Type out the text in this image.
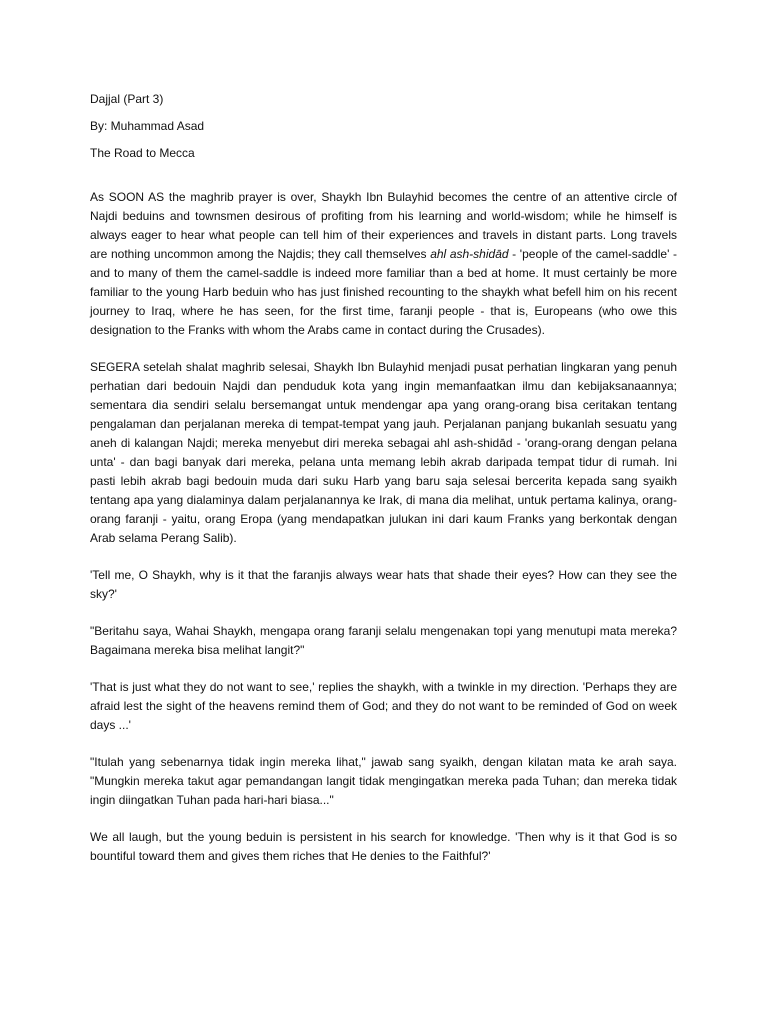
Dajjal (Part 3)
By: Muhammad Asad
The Road to Mecca

As SOON AS the maghrib prayer is over, Shaykh Ibn Bulayhid becomes the centre of an attentive circle of Najdi beduins and townsmen desirous of profiting from his learning and world-wisdom; while he himself is always eager to hear what people can tell him of their experiences and travels in distant parts. Long travels are nothing uncommon among the Najdis; they call themselves ahl ash-shidād - 'people of the camel-saddle' - and to many of them the camel-saddle is indeed more familiar than a bed at home. It must certainly be more familiar to the young Harb beduin who has just finished recounting to the shaykh what befell him on his recent journey to Iraq, where he has seen, for the first time, faranji people - that is, Europeans (who owe this designation to the Franks with whom the Arabs came in contact during the Crusades).

SEGERA setelah shalat maghrib selesai, Shaykh Ibn Bulayhid menjadi pusat perhatian lingkaran yang penuh perhatian dari bedouin Najdi dan penduduk kota yang ingin memanfaatkan ilmu dan kebijaksanaannya; sementara dia sendiri selalu bersemangat untuk mendengar apa yang orang-orang bisa ceritakan tentang pengalaman dan perjalanan mereka di tempat-tempat yang jauh. Perjalanan panjang bukanlah sesuatu yang aneh di kalangan Najdi; mereka menyebut diri mereka sebagai ahl ash-shidād - 'orang-orang dengan pelana unta' - dan bagi banyak dari mereka, pelana unta memang lebih akrab daripada tempat tidur di rumah. Ini pasti lebih akrab bagi bedouin muda dari suku Harb yang baru saja selesai bercerita kepada sang syaikh tentang apa yang dialaminya dalam perjalanannya ke Irak, di mana dia melihat, untuk pertama kalinya, orang-orang faranji - yaitu, orang Eropa (yang mendapatkan julukan ini dari kaum Franks yang berkontak dengan Arab selama Perang Salib).

'Tell me, O Shaykh, why is it that the faranjis always wear hats that shade their eyes? How can they see the sky?'

"Beritahu saya, Wahai Shaykh, mengapa orang faranji selalu mengenakan topi yang menutupi mata mereka? Bagaimana mereka bisa melihat langit?"

'That is just what they do not want to see,' replies the shaykh, with a twinkle in my direction. 'Perhaps they are afraid lest the sight of the heavens remind them of God; and they do not want to be reminded of God on week days ...'

"Itulah yang sebenarnya tidak ingin mereka lihat," jawab sang syaikh, dengan kilatan mata ke arah saya. "Mungkin mereka takut agar pemandangan langit tidak mengingatkan mereka pada Tuhan; dan mereka tidak ingin diingatkan Tuhan pada hari-hari biasa..."

We all laugh, but the young beduin is persistent in his search for knowledge. 'Then why is it that God is so bountiful toward them and gives them riches that He denies to the Faithful?'
